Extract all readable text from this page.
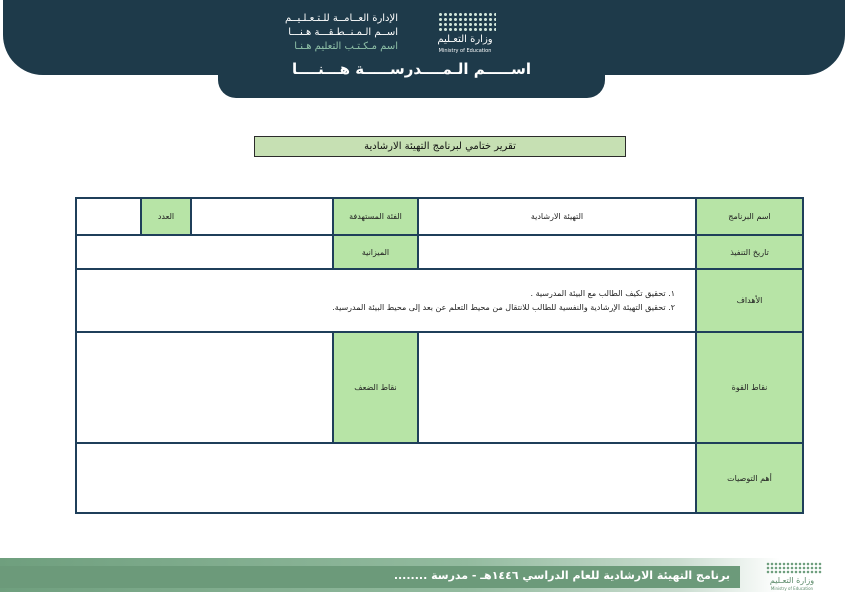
اســـــم الـمــــدرســـــة هـــنــــا
الإدارة العــامــة للـتـعـلـيــم
اســم الـمـنــطـقـــة هـنـــا
اسم مـكـتـب التعليم هـنـا
وزارة التعـليم
Ministry of Education
تقرير ختامي لبرنامج التهيئة الارشادية
اسم البرنامج	التهيئة الارشادية	الفئة المستهدفة		العدد	
تاريخ التنفيذ		الميزانية			
الأهداف	١. تحقيق تكيف الطالب مع البيئة المدرسية .
٢. تحقيق التهيئة الإرشادية والنفسية للطالب للانتقال من محيط التعلم عن بعد إلى محيط البيئة المدرسية.				

نقاط القوة		نقاط الضعف			
أهم التوصيات					
برنامج التهيئة الارشادية للعام الدراسي ١٤٤٦هـ - مدرسة ........	وزارة التعـليم
Ministry of Education
